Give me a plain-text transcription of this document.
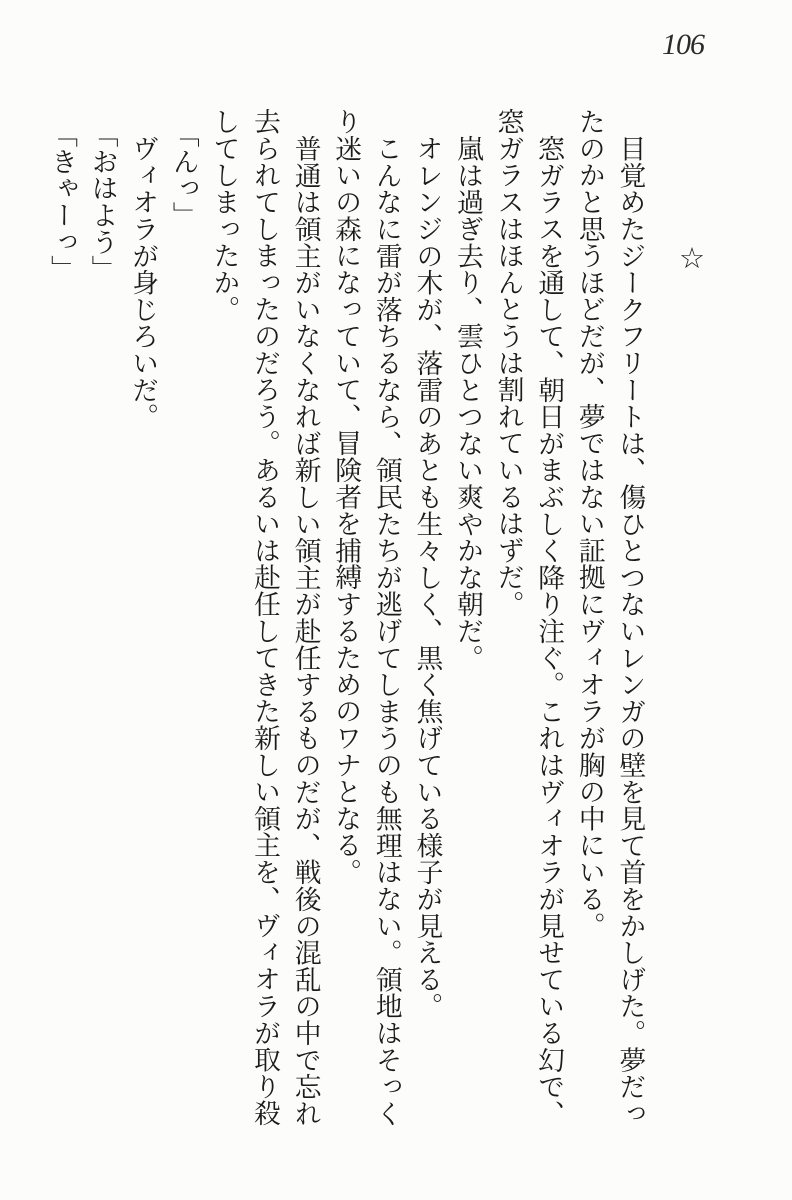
106
☆
目覚めたジークフリートは、傷ひとつないレンガの壁を見て首をかしげた。夢だっ
たのかと思うほどだが、夢ではない証拠にヴィオラが胸の中にいる。
窓ガラスを通して、朝日がまぶしく降り注ぐ。これはヴィオラが見せている幻で、
窓ガラスはほんとうは割れているはずだ。
嵐は過ぎ去り、雲ひとつない爽やかな朝だ。
オレンジの木が、落雷のあとも生々しく、黒く焦げている様子が見える。
こんなに雷が落ちるなら、領民たちが逃げてしまうのも無理はない。領地はそっく
り迷いの森になっていて、冒険者を捕縛するためのワナとなる。
普通は領主がいなくなれば新しい領主が赴任するものだが、戦後の混乱の中で忘れ
去られてしまったのだろう。あるいは赴任してきた新しい領主を、ヴィオラが取り殺
してしまったか。
「んっ」
ヴィオラが身じろいだ。
「おはよう」
「きゃーっ」
